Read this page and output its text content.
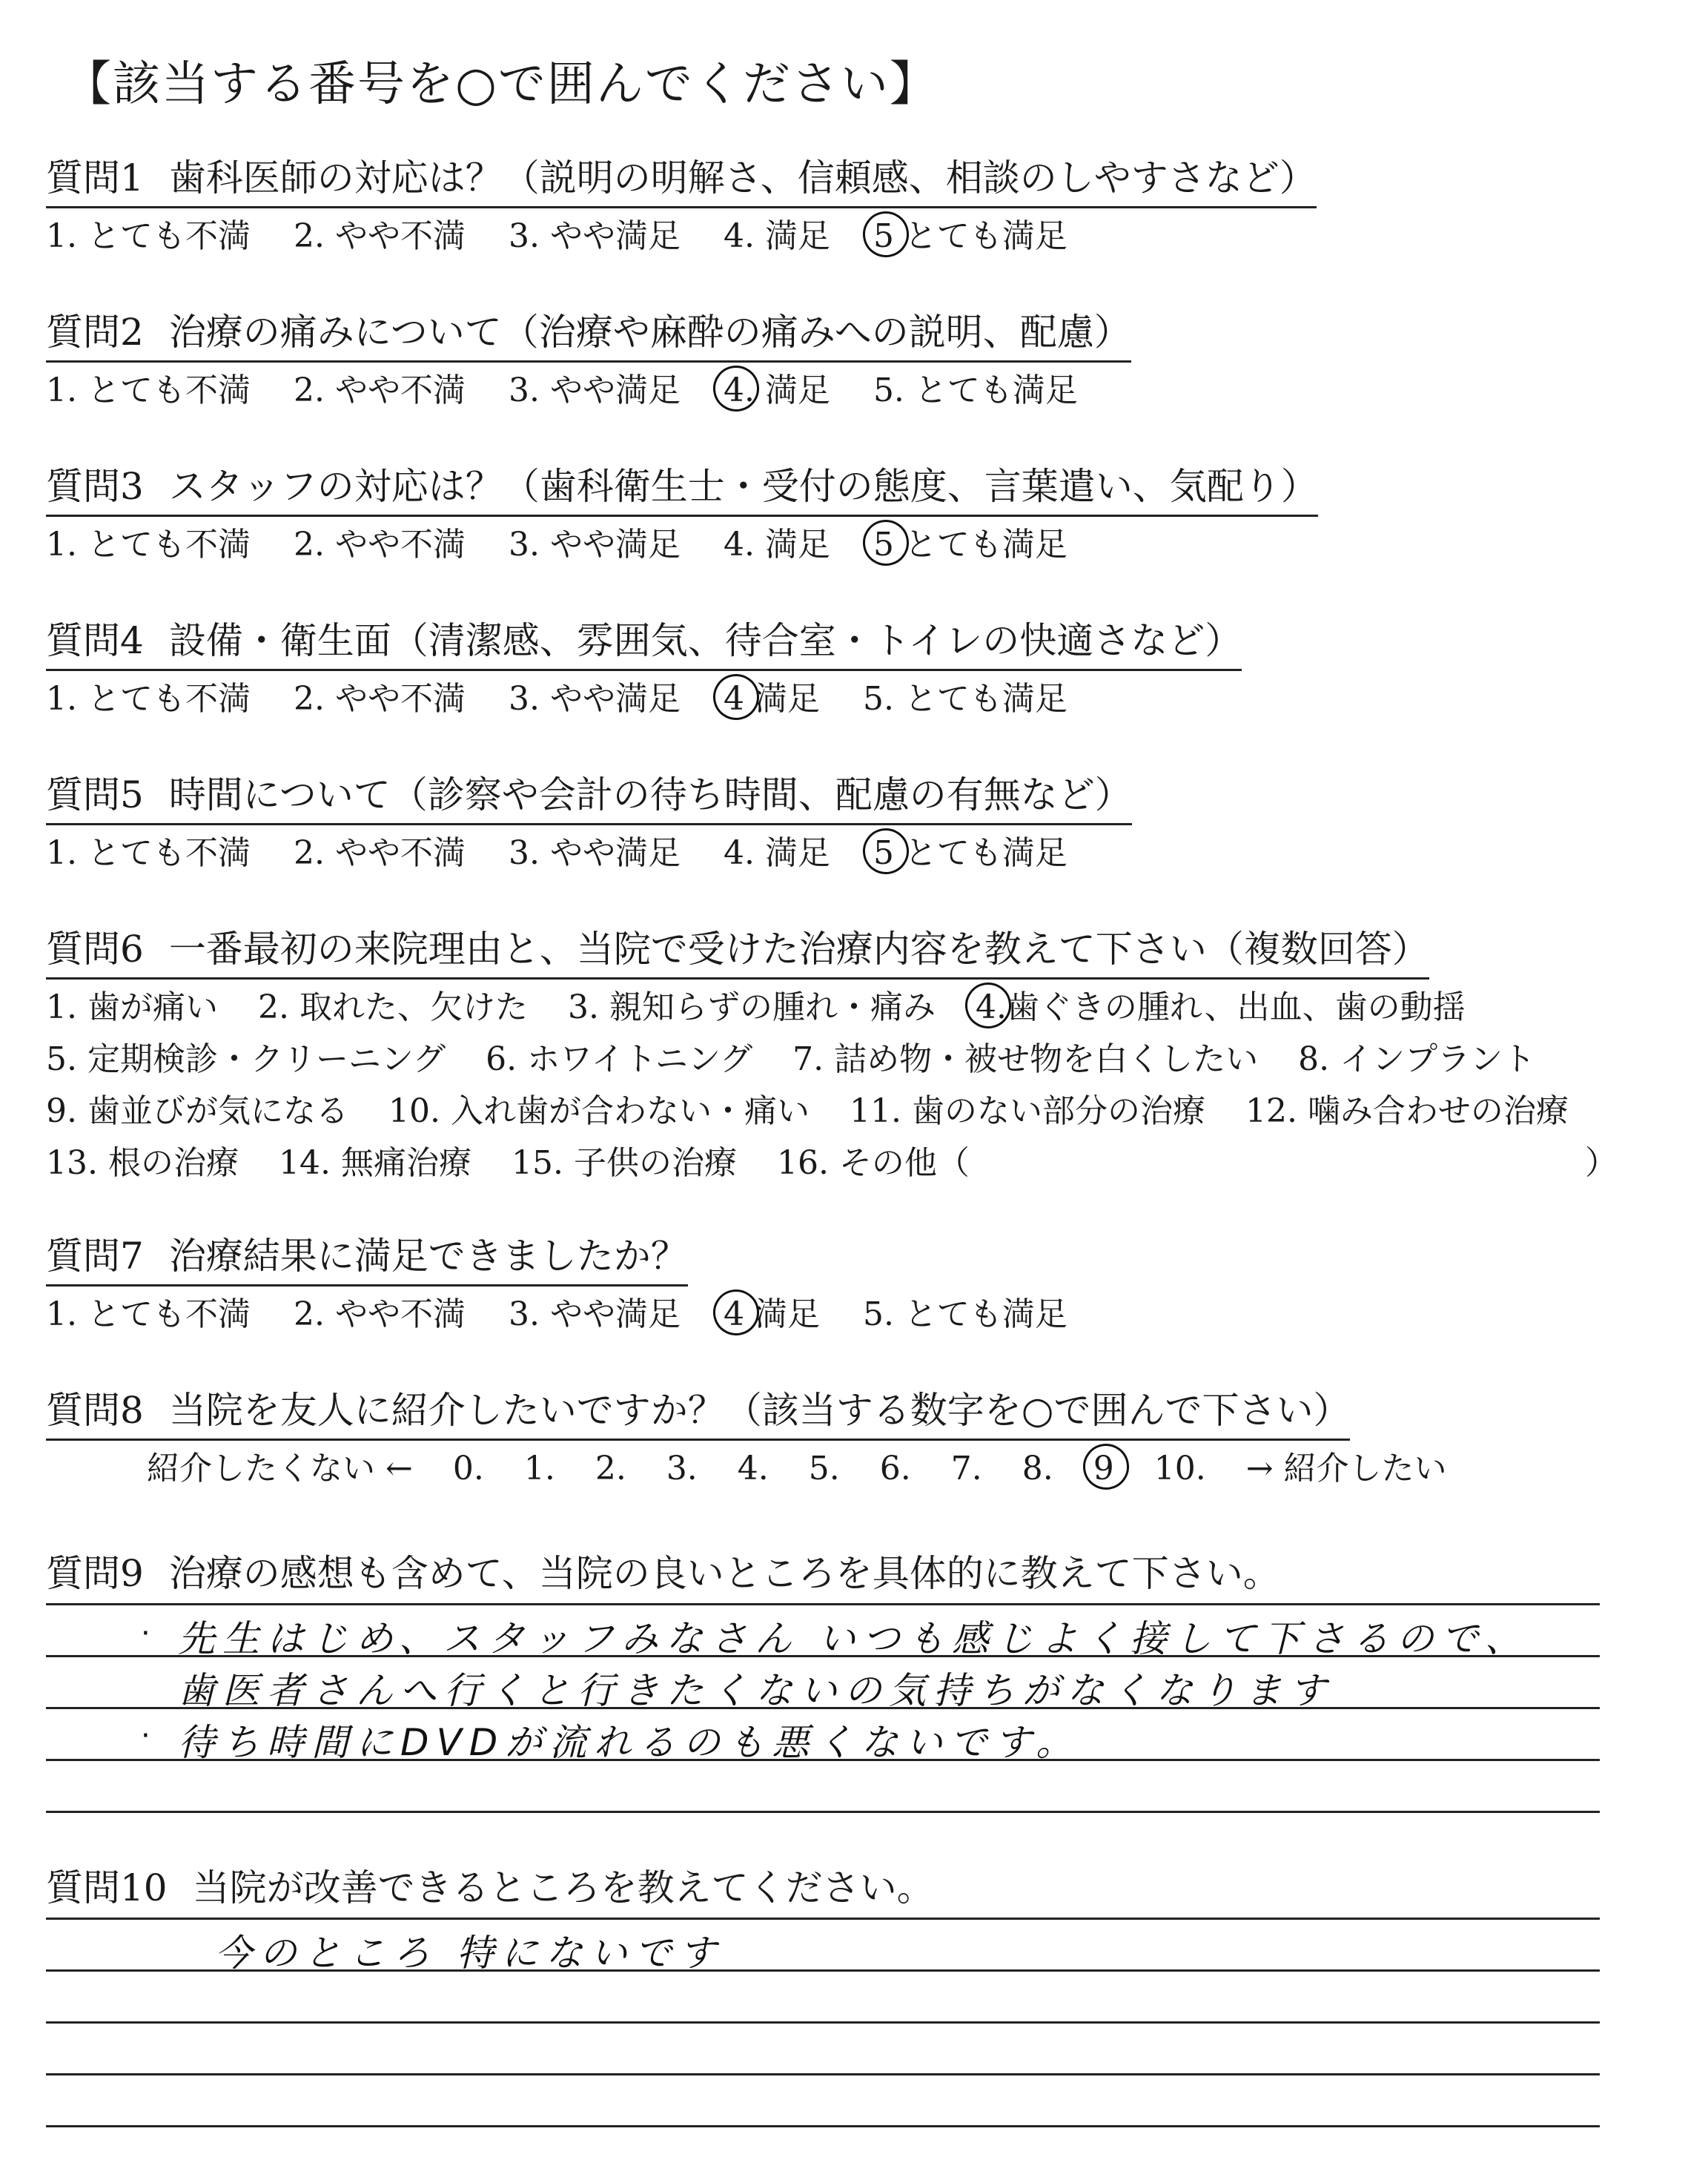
【該当する番号を○で囲んでください】
質問1 歯科医師の対応は？（説明の明解さ、信頼感、相談のしやすさなど）
1. とても不満 2. やや不満 3. やや満足 4. 満足 5 とても満足
質問2 治療の痛みについて（治療や麻酔の痛みへの説明、配慮）
1. とても不満 2. やや不満 3. やや満足 4. 満足 5. とても満足
質問3 スタッフの対応は？（歯科衛生士・受付の態度、言葉遣い、気配り）
1. とても不満 2. やや不満 3. やや満足 4. 満足 5 とても満足
質問4 設備・衛生面（清潔感、雰囲気、待合室・トイレの快適さなど）
1. とても不満 2. やや不満 3. やや満足 4 満足 5. とても満足
質問5 時間について（診察や会計の待ち時間、配慮の有無など）
1. とても不満 2. やや不満 3. やや満足 4. 満足 5 とても満足
質問6 一番最初の来院理由と、当院で受けた治療内容を教えて下さい（複数回答）
1. 歯が痛い 2. 取れた、欠けた 3. 親知らずの腫れ・痛み 4.歯ぐきの腫れ、出血、歯の動揺
5. 定期検診・クリーニング 6. ホワイトニング 7. 詰め物・被せ物を白くしたい 8. インプラント
9. 歯並びが気になる 10. 入れ歯が合わない・痛い 11. 歯のない部分の治療 12. 噛み合わせの治療
13. 根の治療 14. 無痛治療 15. 子供の治療 16. その他（	）
質問7 治療結果に満足できましたか？
1. とても不満 2. やや不満 3. やや満足 4 満足 5. とても満足
質問8 当院を友人に紹介したいですか？（該当する数字を○で囲んで下さい）
紹介したくない ← 0. 1. 2. 3. 4. 5. 6. 7. 8. 9 10. → 紹介したい
質問9 治療の感想も含めて、当院の良いところを具体的に教えて下さい。
· 先生はじめ、スタッフみなさん いつも感じよく接して下さるので、
歯医者さんへ行くと行きたくないの気持ちがなくなります
· 待ち時間にDVDが流れるのも悪くないです。
質問10 当院が改善できるところを教えてください。
今のところ 特にないです
